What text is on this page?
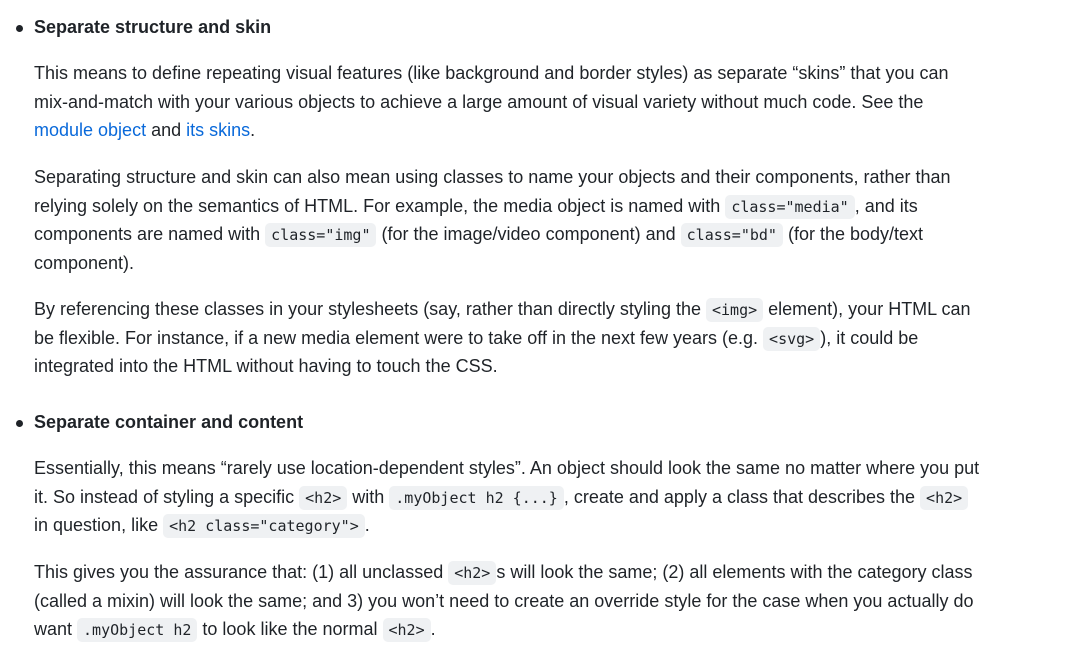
Separate structure and skin
This means to define repeating visual features (like background and border styles) as separate “skins” that you can
mix-and-match with your various objects to achieve a large amount of visual variety without much code. See the
module object and its skins.
Separating structure and skin can also mean using classes to name your objects and their components, rather than
relying solely on the semantics of HTML. For example, the media object is named with class="media" , and its
components are named with class="img" (for the image/video component) and class="bd" (for the body/text
component).
By referencing these classes in your stylesheets (say, rather than directly styling the <img> element), your HTML can
be flexible. For instance, if a new media element were to take off in the next few years (e.g. <svg> ), it could be
integrated into the HTML without having to touch the CSS.
Separate container and content
Essentially, this means “rarely use location-dependent styles”. An object should look the same no matter where you put
it. So instead of styling a specific <h2> with .myObject h2 {...} , create and apply a class that describes the <h2>
in question, like <h2 class="category"> .
This gives you the assurance that: (1) all unclassed <h2> s will look the same; (2) all elements with the category class
(called a mixin) will look the same; and 3) you won’t need to create an override style for the case when you actually do
want .myObject h2 to look like the normal <h2> .
